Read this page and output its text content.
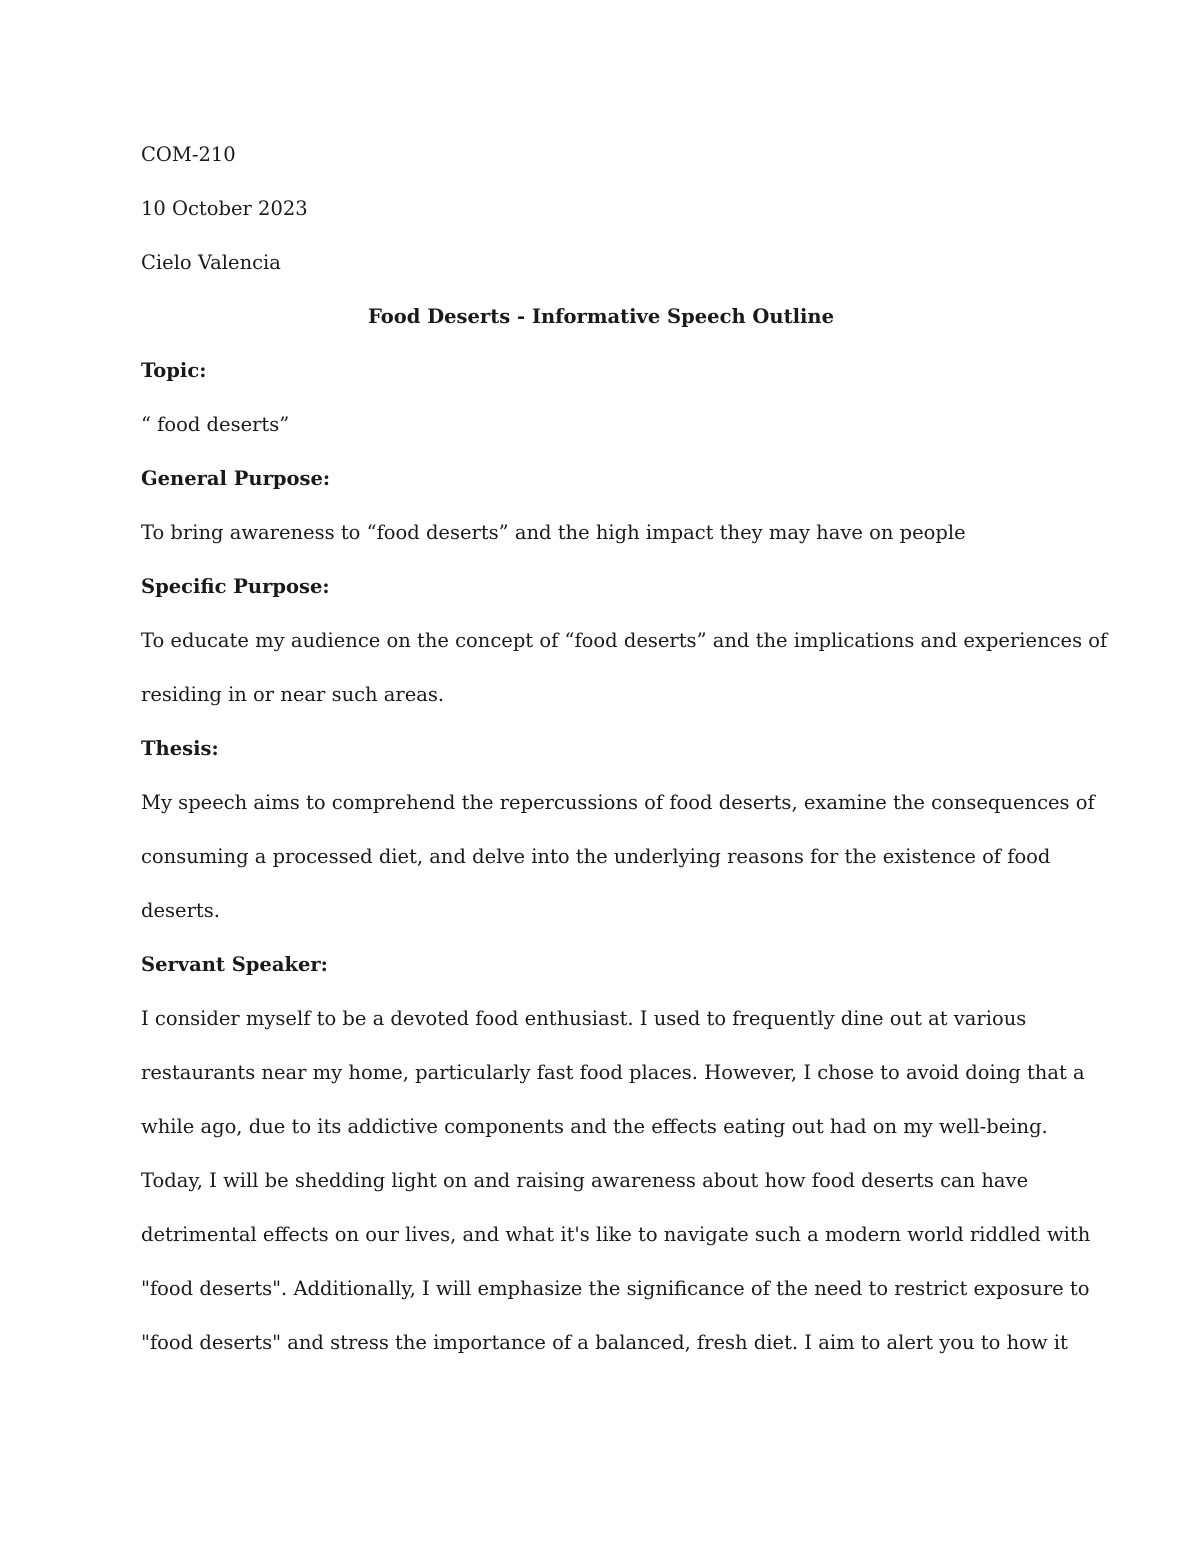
COM-210

10 October 2023

Cielo Valencia

Food Deserts - Informative Speech Outline

Topic:

“ food deserts”

General Purpose:

To bring awareness to “food deserts” and the high impact they may have on people

Specific Purpose:

To educate my audience on the concept of “food deserts” and the implications and experiences of

residing in or near such areas.

Thesis:

My speech aims to comprehend the repercussions of food deserts, examine the consequences of

consuming a processed diet, and delve into the underlying reasons for the existence of food

deserts.

Servant Speaker:

I consider myself to be a devoted food enthusiast. I used to frequently dine out at various

restaurants near my home, particularly fast food places. However, I chose to avoid doing that a

while ago, due to its addictive components and the effects eating out had on my well-being.

Today, I will be shedding light on and raising awareness about how food deserts can have

detrimental effects on our lives, and what it's like to navigate such a modern world riddled with

"food deserts". Additionally, I will emphasize the significance of the need to restrict exposure to

"food deserts" and stress the importance of a balanced, fresh diet. I aim to alert you to how it
